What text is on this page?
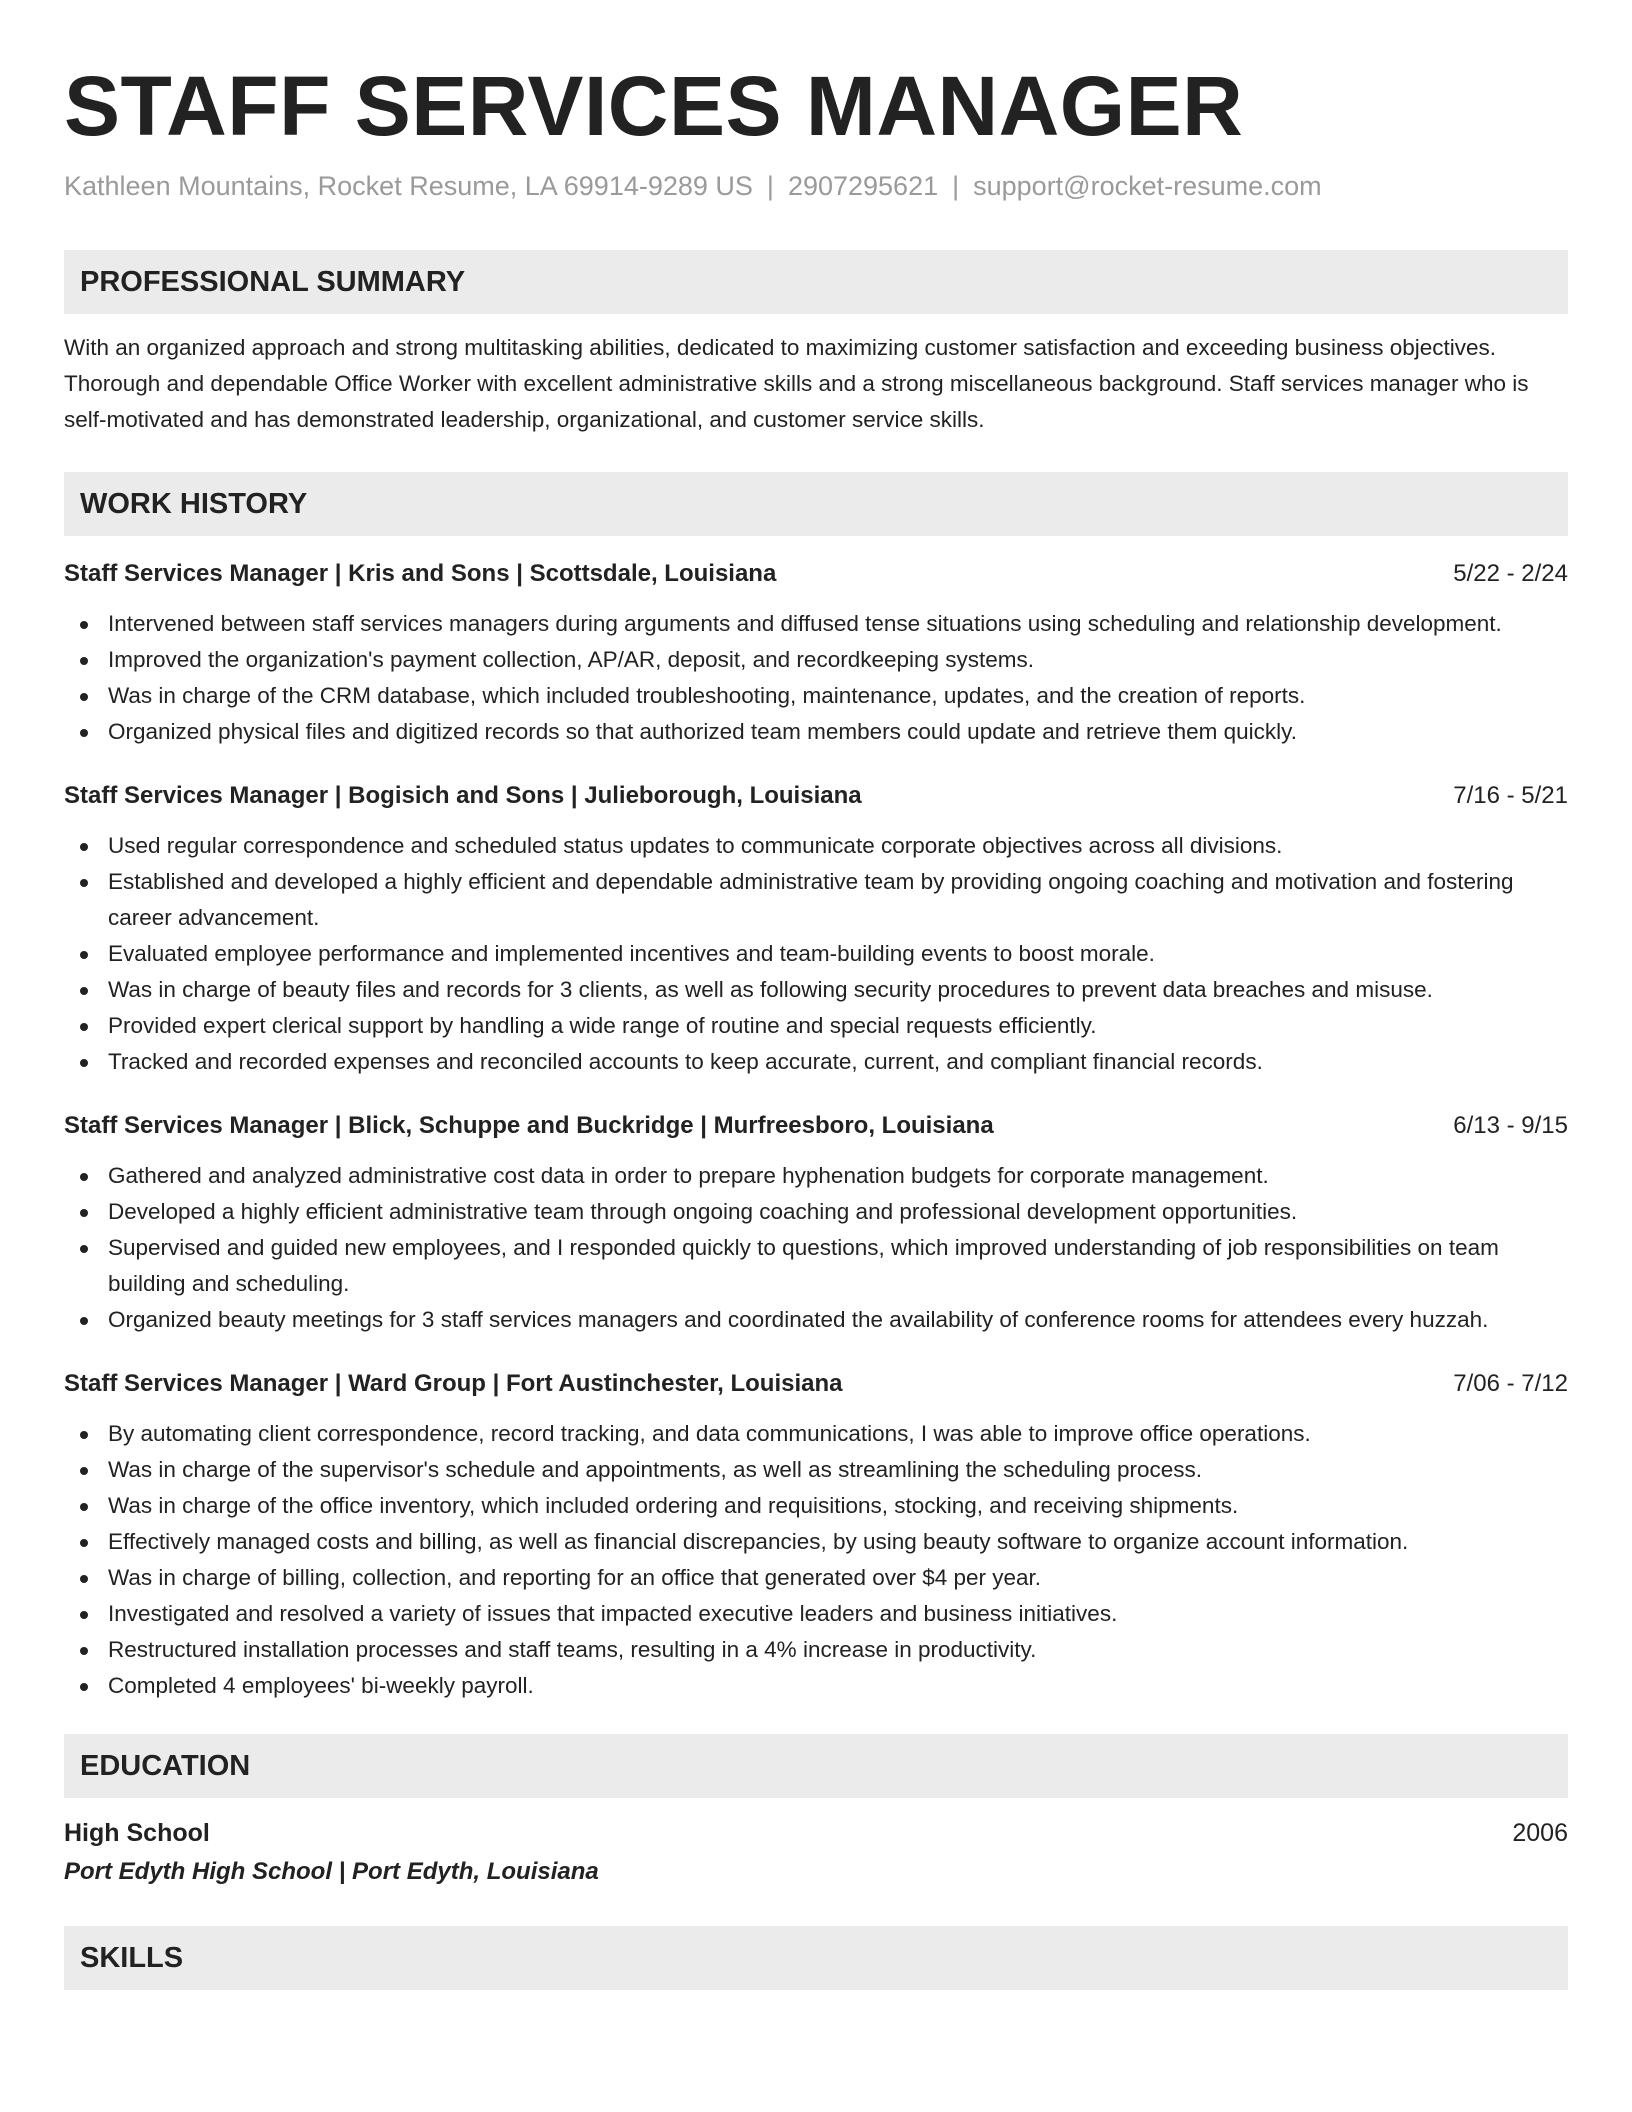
STAFF SERVICES MANAGER
Kathleen Mountains, Rocket Resume, LA 69914-9289 US | 2907295621 | support@rocket-resume.com
PROFESSIONAL SUMMARY
With an organized approach and strong multitasking abilities, dedicated to maximizing customer satisfaction and exceeding business objectives. Thorough and dependable Office Worker with excellent administrative skills and a strong miscellaneous background. Staff services manager who is self-motivated and has demonstrated leadership, organizational, and customer service skills.
WORK HISTORY
Staff Services Manager | Kris and Sons | Scottsdale, Louisiana	5/22 - 2/24
Intervened between staff services managers during arguments and diffused tense situations using scheduling and relationship development.
Improved the organization's payment collection, AP/AR, deposit, and recordkeeping systems.
Was in charge of the CRM database, which included troubleshooting, maintenance, updates, and the creation of reports.
Organized physical files and digitized records so that authorized team members could update and retrieve them quickly.
Staff Services Manager | Bogisich and Sons | Julieborough, Louisiana	7/16 - 5/21
Used regular correspondence and scheduled status updates to communicate corporate objectives across all divisions.
Established and developed a highly efficient and dependable administrative team by providing ongoing coaching and motivation and fostering career advancement.
Evaluated employee performance and implemented incentives and team-building events to boost morale.
Was in charge of beauty files and records for 3 clients, as well as following security procedures to prevent data breaches and misuse.
Provided expert clerical support by handling a wide range of routine and special requests efficiently.
Tracked and recorded expenses and reconciled accounts to keep accurate, current, and compliant financial records.
Staff Services Manager | Blick, Schuppe and Buckridge | Murfreesboro, Louisiana	6/13 - 9/15
Gathered and analyzed administrative cost data in order to prepare hyphenation budgets for corporate management.
Developed a highly efficient administrative team through ongoing coaching and professional development opportunities.
Supervised and guided new employees, and I responded quickly to questions, which improved understanding of job responsibilities on team building and scheduling.
Organized beauty meetings for 3 staff services managers and coordinated the availability of conference rooms for attendees every huzzah.
Staff Services Manager | Ward Group | Fort Austinchester, Louisiana	7/06 - 7/12
By automating client correspondence, record tracking, and data communications, I was able to improve office operations.
Was in charge of the supervisor's schedule and appointments, as well as streamlining the scheduling process.
Was in charge of the office inventory, which included ordering and requisitions, stocking, and receiving shipments.
Effectively managed costs and billing, as well as financial discrepancies, by using beauty software to organize account information.
Was in charge of billing, collection, and reporting for an office that generated over $4 per year.
Investigated and resolved a variety of issues that impacted executive leaders and business initiatives.
Restructured installation processes and staff teams, resulting in a 4% increase in productivity.
Completed 4 employees' bi-weekly payroll.
EDUCATION
High School	2006
Port Edyth High School | Port Edyth, Louisiana
SKILLS
